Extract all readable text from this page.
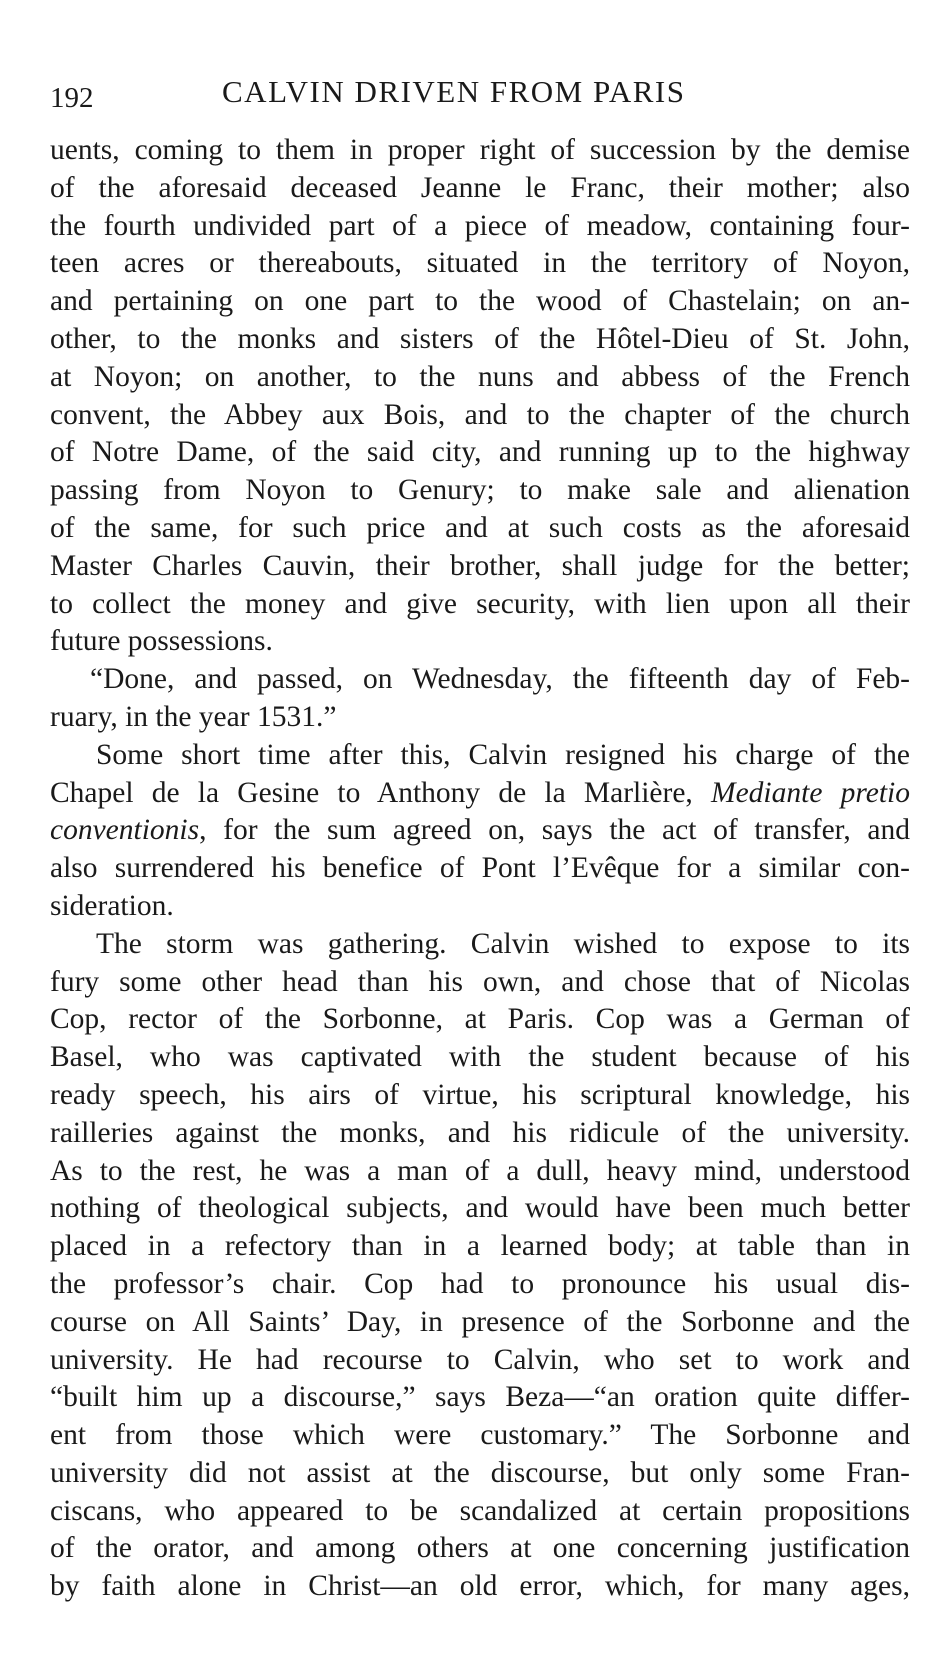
192	CALVIN DRIVEN FROM PARIS
uents, coming to them in proper right of succession by the demise
of the aforesaid deceased Jeanne le Franc, their mother; also
the fourth undivided part of a piece of meadow, containing four-
teen acres or thereabouts, situated in the territory of Noyon,
and pertaining on one part to the wood of Chastelain; on an-
other, to the monks and sisters of the Hôtel-Dieu of St. John,
at Noyon; on another, to the nuns and abbess of the French
convent, the Abbey aux Bois, and to the chapter of the church
of Notre Dame, of the said city, and running up to the highway
passing from Noyon to Genury; to make sale and alienation
of the same, for such price and at such costs as the aforesaid
Master Charles Cauvin, their brother, shall judge for the better;
to collect the money and give security, with lien upon all their
future possessions.
“Done, and passed, on Wednesday, the fifteenth day of Feb-
ruary, in the year 1531.”
Some short time after this, Calvin resigned his charge of the
Chapel de la Gesine to Anthony de la Marlière, Mediante pretio
conventionis, for the sum agreed on, says the act of transfer, and
also surrendered his benefice of Pont l’Evêque for a similar con-
sideration.
The storm was gathering. Calvin wished to expose to its
fury some other head than his own, and chose that of Nicolas
Cop, rector of the Sorbonne, at Paris. Cop was a German of
Basel, who was captivated with the student because of his
ready speech, his airs of virtue, his scriptural knowledge, his
railleries against the monks, and his ridicule of the university.
As to the rest, he was a man of a dull, heavy mind, understood
nothing of theological subjects, and would have been much better
placed in a refectory than in a learned body; at table than in
the professor’s chair. Cop had to pronounce his usual dis-
course on All Saints’ Day, in presence of the Sorbonne and the
university. He had recourse to Calvin, who set to work and
“built him up a discourse,” says Beza—“an oration quite differ-
ent from those which were customary.” The Sorbonne and
university did not assist at the discourse, but only some Fran-
ciscans, who appeared to be scandalized at certain propositions
of the orator, and among others at one concerning justification
by faith alone in Christ—an old error, which, for many ages,
